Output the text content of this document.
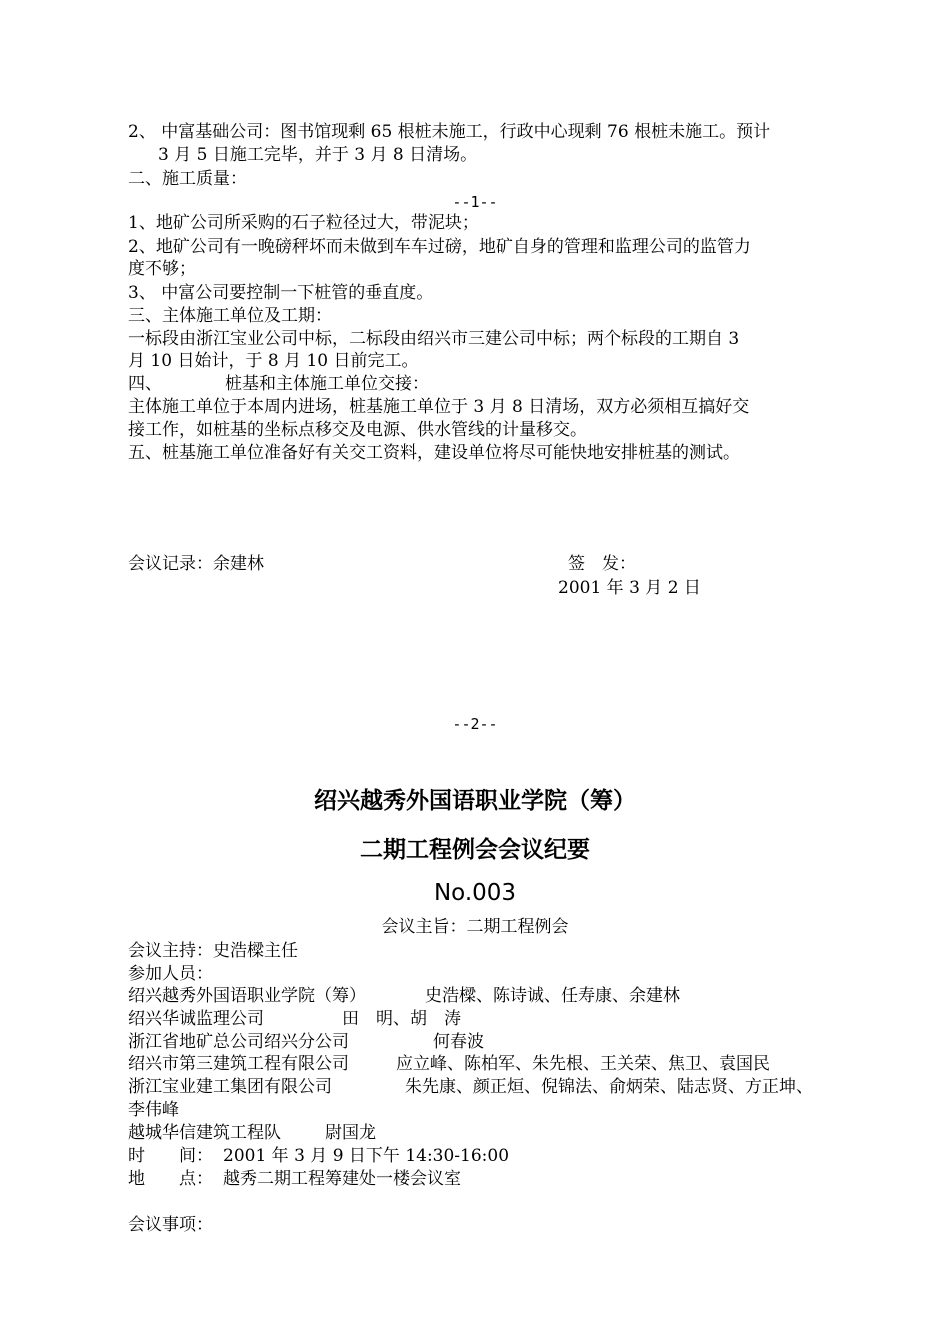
2、 中富基础公司：图书馆现剩 65 根桩未施工，行政中心现剩 76 根桩未施工。预计
3 月 5 日施工完毕，并于 3 月 8 日清场。
二、施工质量：
--1--
1、地矿公司所采购的石子粒径过大，带泥块；
2、地矿公司有一晚磅秤坏而未做到车车过磅，地矿自身的管理和监理公司的监管力
度不够；
3、 中富公司要控制一下桩管的垂直度。
三、主体施工单位及工期：
一标段由浙江宝业公司中标，二标段由绍兴市三建公司中标；两个标段的工期自 3
月 10 日始计，于 8 月 10 日前完工。
四、	桩基和主体施工单位交接：
主体施工单位于本周内进场，桩基施工单位于 3 月 8 日清场，双方必须相互搞好交
接工作，如桩基的坐标点移交及电源、供水管线的计量移交。
五、桩基施工单位准备好有关交工资料，建设单位将尽可能快地安排桩基的测试。
会议记录：余建林	签　发：
2001 年 3 月 2 日
--2--
绍兴越秀外国语职业学院（筹）
二期工程例会会议纪要
No.003
会议主旨：二期工程例会
会议主持：史浩樑主任
参加人员：
绍兴越秀外国语职业学院（筹）	史浩樑、陈诗诚、任寿康、余建林
绍兴华诚监理公司	田　明、胡　涛
浙江省地矿总公司绍兴分公司	何春波
绍兴市第三建筑工程有限公司	应立峰、陈柏军、朱先根、王关荣、焦卫、袁国民
浙江宝业建工集团有限公司	朱先康、颜正烜、倪锦法、俞炳荣、陆志贤、方正坤、
李伟峰
越城华信建筑工程队	尉国龙
时　　间： 2001 年 3 月 9 日下午 14:30-16:00
地　　点： 越秀二期工程筹建处一楼会议室
会议事项：
